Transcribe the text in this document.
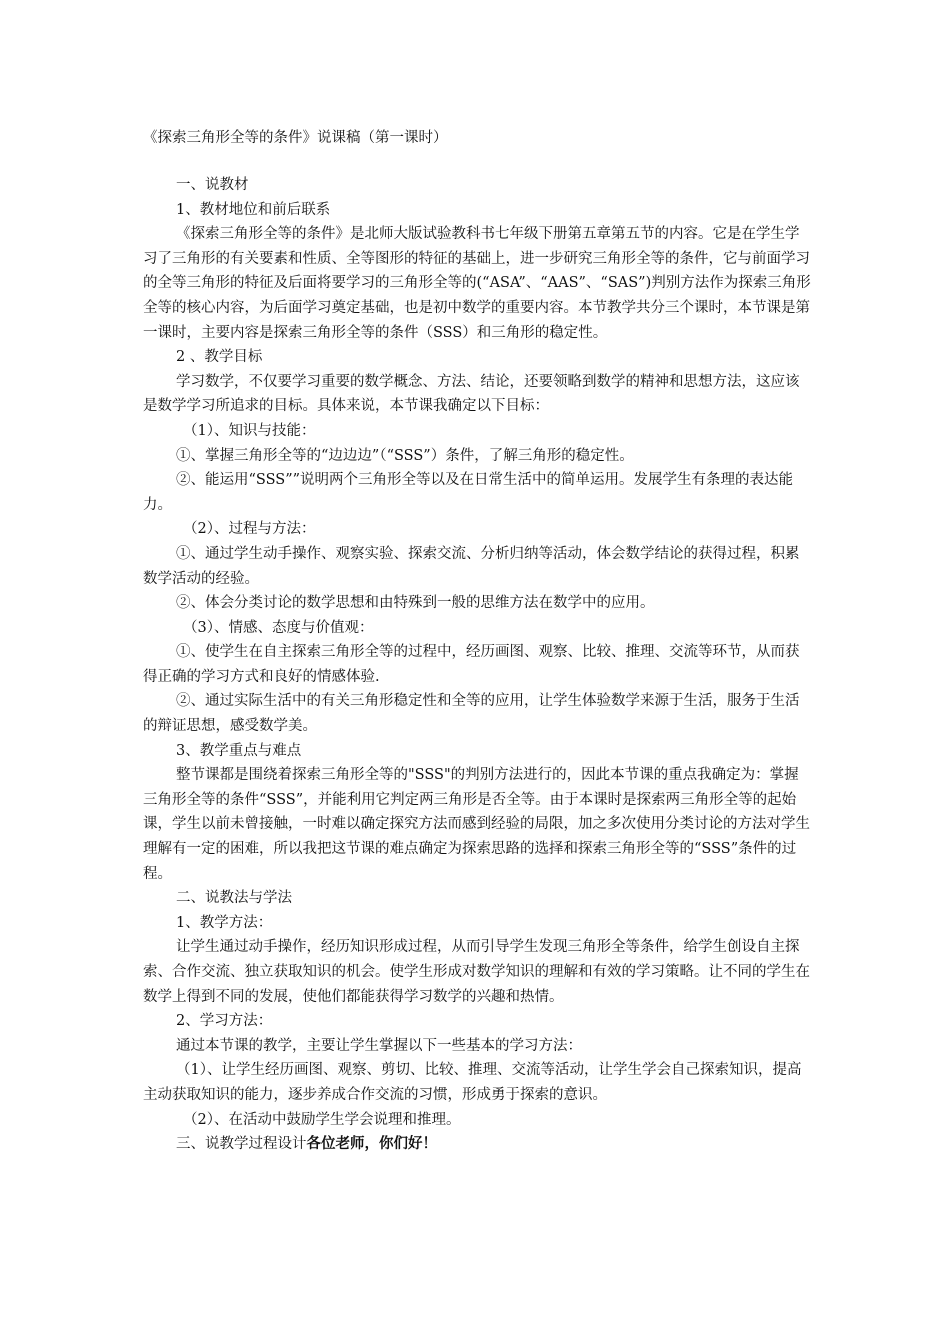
《探索三角形全等的条件》说课稿（第一课时）

一、说教材

1、教材地位和前后联系

《探索三角形全等的条件》是北师大版试验教科书七年级下册第五章第五节的内容。它是在学生学习了三角形的有关要素和性质、全等图形的特征的基础上，进一步研究三角形全等的条件，它与前面学习的全等三角形的特征及后面将要学习的三角形全等的(“ASA”、“AAS”、“SAS”)判别方法作为探索三角形全等的核心内容，为后面学习奠定基础，也是初中数学的重要内容。本节教学共分三个课时，本节课是第一课时，主要内容是探索三角形全等的条件（SSS）和三角形的稳定性。

2 、教学目标

学习数学，不仅要学习重要的数学概念、方法、结论，还要领略到数学的精神和思想方法，这应该是数学学习所追求的目标。具体来说，本节课我确定以下目标：

（1）、知识与技能：

①、掌握三角形全等的“边边边”（“SSS”）条件，了解三角形的稳定性。

②、能运用“SSS””说明两个三角形全等以及在日常生活中的简单运用。发展学生有条理的表达能力。

（2）、过程与方法：

①、通过学生动手操作、观察实验、探索交流、分析归纳等活动，体会数学结论的获得过程，积累数学活动的经验。

②、体会分类讨论的数学思想和由特殊到一般的思维方法在数学中的应用。

（3）、情感、态度与价值观：

①、使学生在自主探索三角形全等的过程中，经历画图、观察、比较、推理、交流等环节，从而获得正确的学习方式和良好的情感体验.

②、通过实际生活中的有关三角形稳定性和全等的应用，让学生体验数学来源于生活，服务于生活的辩证思想，感受数学美。

3、教学重点与难点

整节课都是围绕着探索三角形全等的"SSS"的判别方法进行的，因此本节课的重点我确定为：掌握三角形全等的条件“SSS”，并能利用它判定两三角形是否全等。由于本课时是探索两三角形全等的起始课，学生以前未曾接触，一时难以确定探究方法而感到经验的局限，加之多次使用分类讨论的方法对学生理解有一定的困难，所以我把这节课的难点确定为探索思路的选择和探索三角形全等的“SSS”条件的过程。

二、说教法与学法

1、教学方法：

让学生通过动手操作，经历知识形成过程，从而引导学生发现三角形全等条件，给学生创设自主探索、合作交流、独立获取知识的机会。使学生形成对数学知识的理解和有效的学习策略。让不同的学生在数学上得到不同的发展，使他们都能获得学习数学的兴趣和热情。

2、学习方法：

通过本节课的教学，主要让学生掌握以下一些基本的学习方法：

（1）、让学生经历画图、观察、剪切、比较、推理、交流等活动，让学生学会自己探索知识，提高主动获取知识的能力，逐步养成合作交流的习惯，形成勇于探索的意识。

（2）、在活动中鼓励学生学会说理和推理。

三、说教学过程设计各位老师，你们好！
